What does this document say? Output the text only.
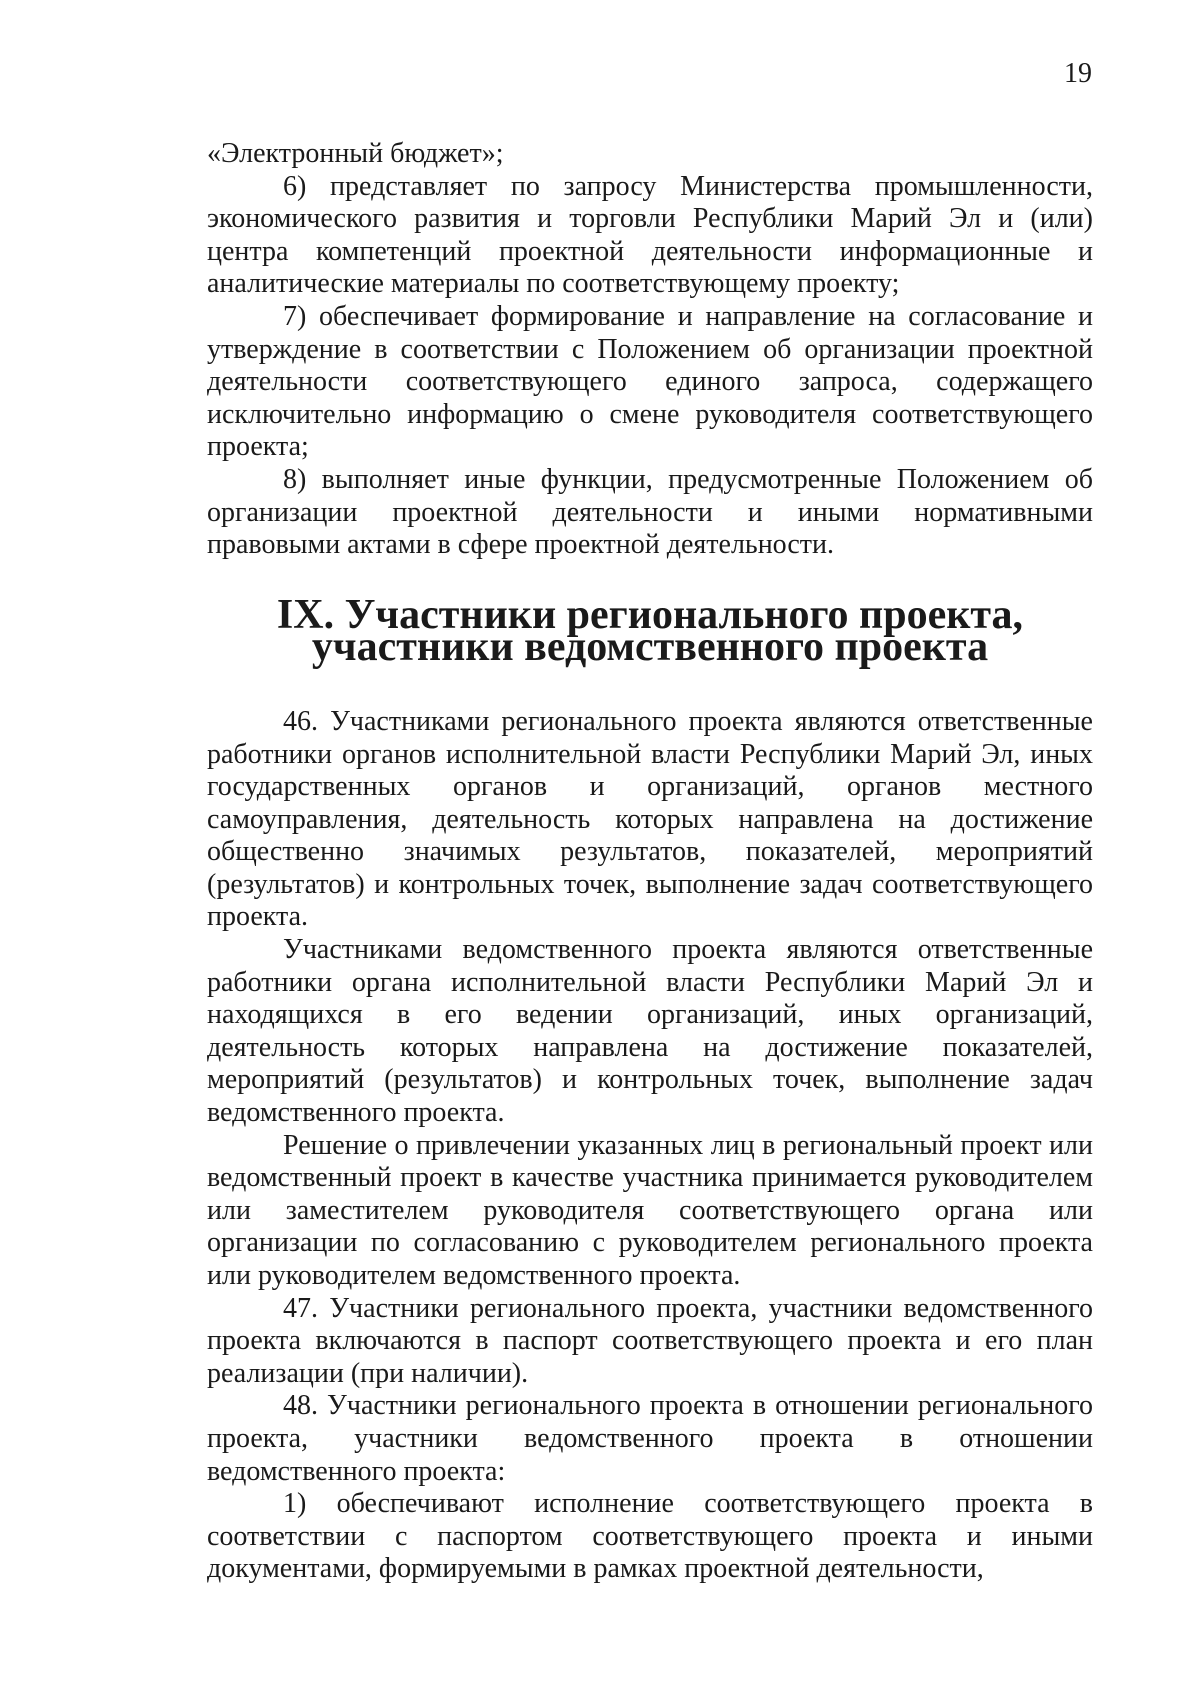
19

«Электронный бюджет»;

6) представляет по запросу Министерства промышленности, экономического развития и торговли Республики Марий Эл и (или) центра компетенций проектной деятельности информационные и аналитические материалы по соответствующему проекту;

7) обеспечивает формирование и направление на согласование и утверждение в соответствии с Положением об организации проектной деятельности соответствующего единого запроса, содержащего исключительно информацию о смене руководителя соответствующего проекта;

8) выполняет иные функции, предусмотренные Положением об организации проектной деятельности и иными нормативными правовыми актами в сфере проектной деятельности.

IX. Участники регионального проекта,
участники ведомственного проекта

46. Участниками регионального проекта являются ответственные работники органов исполнительной власти Республики Марий Эл, иных государственных органов и организаций, органов местного самоуправления, деятельность которых направлена на достижение общественно значимых результатов, показателей, мероприятий (результатов) и контрольных точек, выполнение задач соответствующего проекта.

Участниками ведомственного проекта являются ответственные работники органа исполнительной власти Республики Марий Эл и находящихся в его ведении организаций, иных организаций, деятельность которых направлена на достижение показателей, мероприятий (результатов) и контрольных точек, выполнение задач ведомственного проекта.

Решение о привлечении указанных лиц в региональный проект или ведомственный проект в качестве участника принимается руководителем или заместителем руководителя соответствующего органа или организации по согласованию с руководителем регионального проекта или руководителем ведомственного проекта.

47. Участники регионального проекта, участники ведомственного проекта включаются в паспорт соответствующего проекта и его план реализации (при наличии).

48. Участники регионального проекта в отношении регионального проекта, участники ведомственного проекта в отношении ведомственного проекта:

1) обеспечивают исполнение соответствующего проекта в соответствии с паспортом соответствующего проекта и иными документами, формируемыми в рамках проектной деятельности,
